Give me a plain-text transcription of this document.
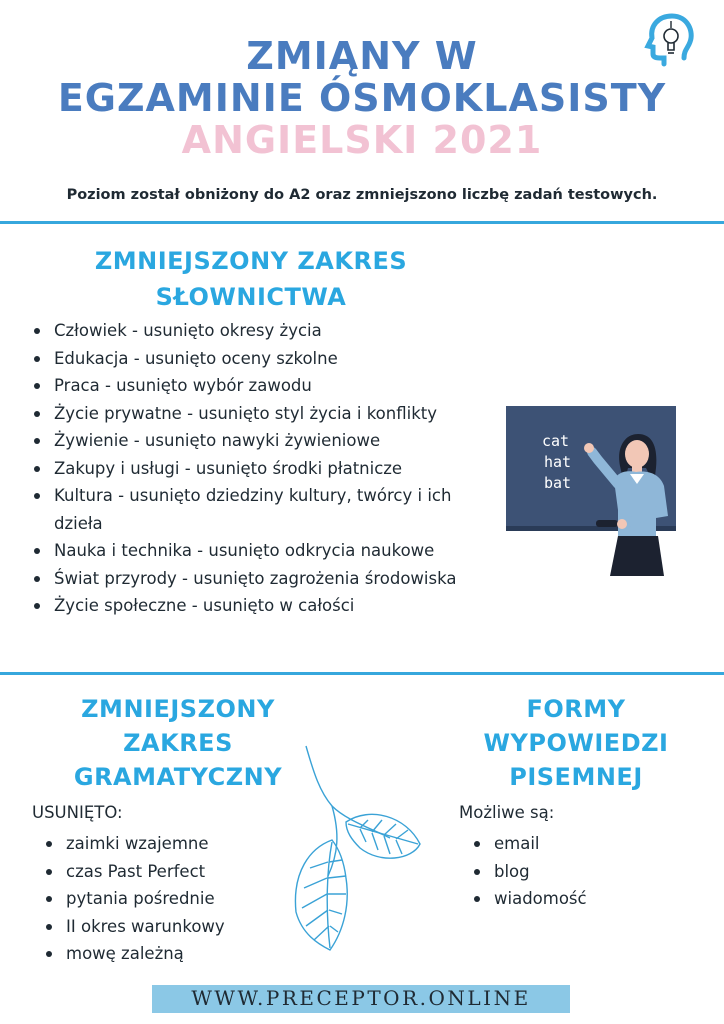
ZMIĄNY W
EGZAMINIE ÓSMOKLASISTY
ANGIELSKI 2021
Poziom został obniżony do A2 oraz zmniejszono liczbę zadań testowych.
ZMNIEJSZONY ZAKRES
SŁOWNICTWA
Człowiek - usunięto okresy życia
Edukacja - usunięto oceny szkolne
Praca - usunięto wybór zawodu
Życie prywatne - usunięto styl życia i konflikty
Żywienie - usunięto nawyki żywieniowe
Zakupy i usługi - usunięto środki płatnicze
Kultura - usunięto dziedziny kultury, twórcy i ich dzieła
Nauka i technika - usunięto odkrycia naukowe
Świat przyrody - usunięto zagrożenia środowiska
Życie społeczne - usunięto w całości
cat
hat
bat
ZMNIEJSZONY
ZAKRES
GRAMATYCZNY
USUNIĘTO:
zaimki wzajemne
czas Past Perfect
pytania pośrednie
II okres warunkowy
mowę zależną
FORMY
WYPOWIEDZI
PISEMNEJ
Możliwe są:
email
blog
wiadomość
WWW.PRECEPTOR.ONLINE
